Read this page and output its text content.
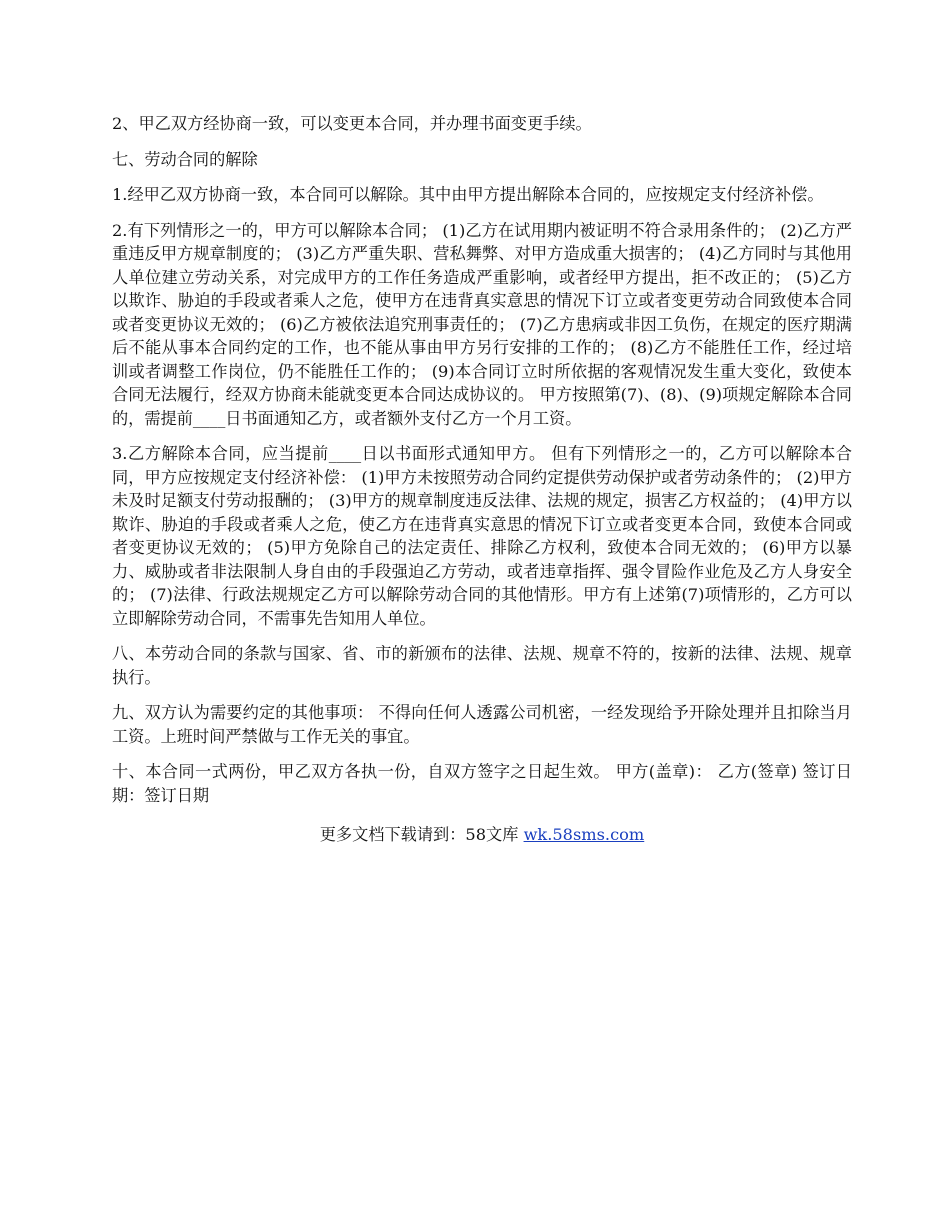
2、甲乙双方经协商一致，可以变更本合同，并办理书面变更手续。

七、劳动合同的解除

1.经甲乙双方协商一致，本合同可以解除。其中由甲方提出解除本合同的，应按规定支付经济补偿。

2.有下列情形之一的，甲方可以解除本合同； (1)乙方在试用期内被证明不符合录用条件的； (2)乙方严重违反甲方规章制度的； (3)乙方严重失职、营私舞弊、对甲方造成重大损害的； (4)乙方同时与其他用人单位建立劳动关系，对完成甲方的工作任务造成严重影响，或者经甲方提出，拒不改正的； (5)乙方以欺诈、胁迫的手段或者乘人之危，使甲方在违背真实意思的情况下订立或者变更劳动合同致使本合同或者变更协议无效的； (6)乙方被依法追究刑事责任的； (7)乙方患病或非因工负伤，在规定的医疗期满后不能从事本合同约定的工作，也不能从事由甲方另行安排的工作的； (8)乙方不能胜任工作，经过培训或者调整工作岗位，仍不能胜任工作的； (9)本合同订立时所依据的客观情况发生重大变化，致使本合同无法履行，经双方协商未能就变更本合同达成协议的。 甲方按照第(7)、(8)、(9)项规定解除本合同的，需提前____日书面通知乙方，或者额外支付乙方一个月工资。

3.乙方解除本合同，应当提前____日以书面形式通知甲方。 但有下列情形之一的，乙方可以解除本合同，甲方应按规定支付经济补偿： (1)甲方未按照劳动合同约定提供劳动保护或者劳动条件的； (2)甲方未及时足额支付劳动报酬的； (3)甲方的规章制度违反法律、法规的规定，损害乙方权益的； (4)甲方以欺诈、胁迫的手段或者乘人之危，使乙方在违背真实意思的情况下订立或者变更本合同，致使本合同或者变更协议无效的； (5)甲方免除自己的法定责任、排除乙方权利，致使本合同无效的； (6)甲方以暴力、威胁或者非法限制人身自由的手段强迫乙方劳动，或者违章指挥、强令冒险作业危及乙方人身安全的； (7)法律、行政法规规定乙方可以解除劳动合同的其他情形。甲方有上述第(7)项情形的，乙方可以立即解除劳动合同，不需事先告知用人单位。

八、本劳动合同的条款与国家、省、市的新颁布的法律、法规、规章不符的，按新的法律、法规、规章执行。

九、双方认为需要约定的其他事项： 不得向任何人透露公司机密，一经发现给予开除处理并且扣除当月工资。上班时间严禁做与工作无关的事宜。

十、本合同一式两份，甲乙双方各执一份，自双方签字之日起生效。 甲方(盖章)： 乙方(签章) 签订日期：签订日期

更多文档下载请到：58文库 wk.58sms.com
